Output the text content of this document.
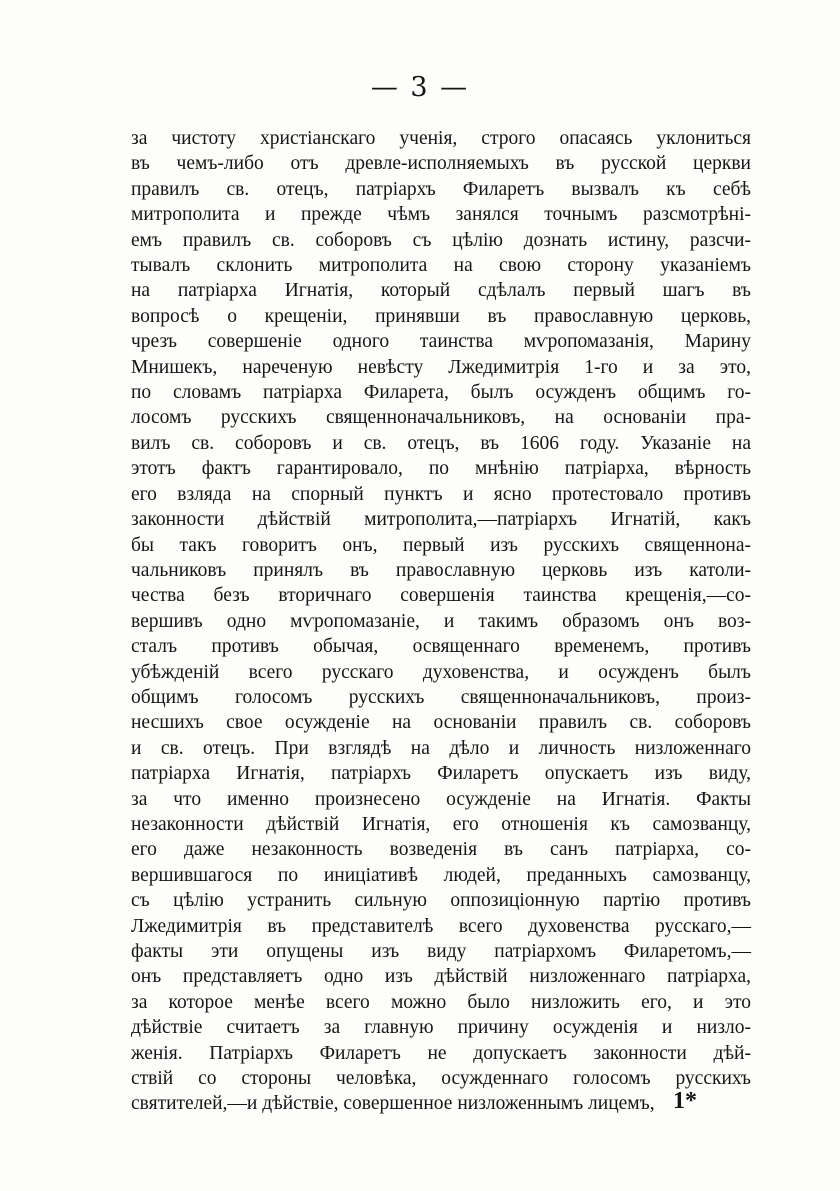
— 3 —
за чистоту христіанскаго ученія, строго опасаясь уклониться
въ чемъ-либо отъ древле-исполняемыхъ въ русской церкви
правилъ св. отецъ, патріархъ Филаретъ вызвалъ къ себѣ
митрополита и прежде чѣмъ занялся точнымъ разсмотрѣні-
емъ правилъ св. соборовъ съ цѣлію дознать истину, разсчи-
тывалъ склонить митрополита на свою сторону указаніемъ
на патріарха Игнатія, который сдѣлалъ первый шагъ въ
вопросѣ о крещеніи, принявши въ православную церковь,
чрезъ совершеніе одного таинства мѵропомазанія, Марину
Мнишекъ, нареченую невѣсту Лжедимитрія 1-го и за это,
по словамъ патріарха Филарета, былъ осужденъ общимъ го-
лосомъ русскихъ священноначальниковъ, на основаніи пра-
вилъ св. соборовъ и св. отецъ, въ 1606 году. Указаніе на
этотъ фактъ гарантировало, по мнѣнію патріарха, вѣрность
его взляда на спорный пунктъ и ясно протестовало противъ
законности дѣйствій митрополита,—патріархъ Игнатій, какъ
бы такъ говоритъ онъ, первый изъ русскихъ священнона-
чальниковъ принялъ въ православную церковь изъ католи-
чества безъ вторичнаго совершенія таинства крещенія,—со-
вершивъ одно мѵропомазаніе, и такимъ образомъ онъ воз-
сталъ противъ обычая, освященнаго временемъ, противъ
убѣжденій всего русскаго духовенства, и осужденъ былъ
общимъ голосомъ русскихъ священноначальниковъ, произ-
несшихъ свое осужденіе на основаніи правилъ св. соборовъ
и св. отецъ. При взглядѣ на дѣло и личность низложеннаго
патріарха Игнатія, патріархъ Филаретъ опускаетъ изъ виду,
за что именно произнесено осужденіе на Игнатія. Факты
незаконности дѣйствій Игнатія, его отношенія къ самозванцу,
его даже незаконность возведенія въ санъ патріарха, со-
вершившагося по иниціативѣ людей, преданныхъ самозванцу,
съ цѣлію устранить сильную оппозиціонную партію противъ
Лжедимитрія въ представителѣ всего духовенства русскаго,—
факты эти опущены изъ виду патріархомъ Филаретомъ,—
онъ представляетъ одно изъ дѣйствій низложеннаго патріарха,
за которое менѣе всего можно было низложить его, и это
дѣйствіе считаетъ за главную причину осужденія и низло-
женія. Патріархъ Филаретъ не допускаетъ законности дѣй-
ствій со стороны человѣка, осужденнаго голосомъ русскихъ
святителей,—и дѣйствіе, совершенное низложеннымъ лицемъ, 1*
